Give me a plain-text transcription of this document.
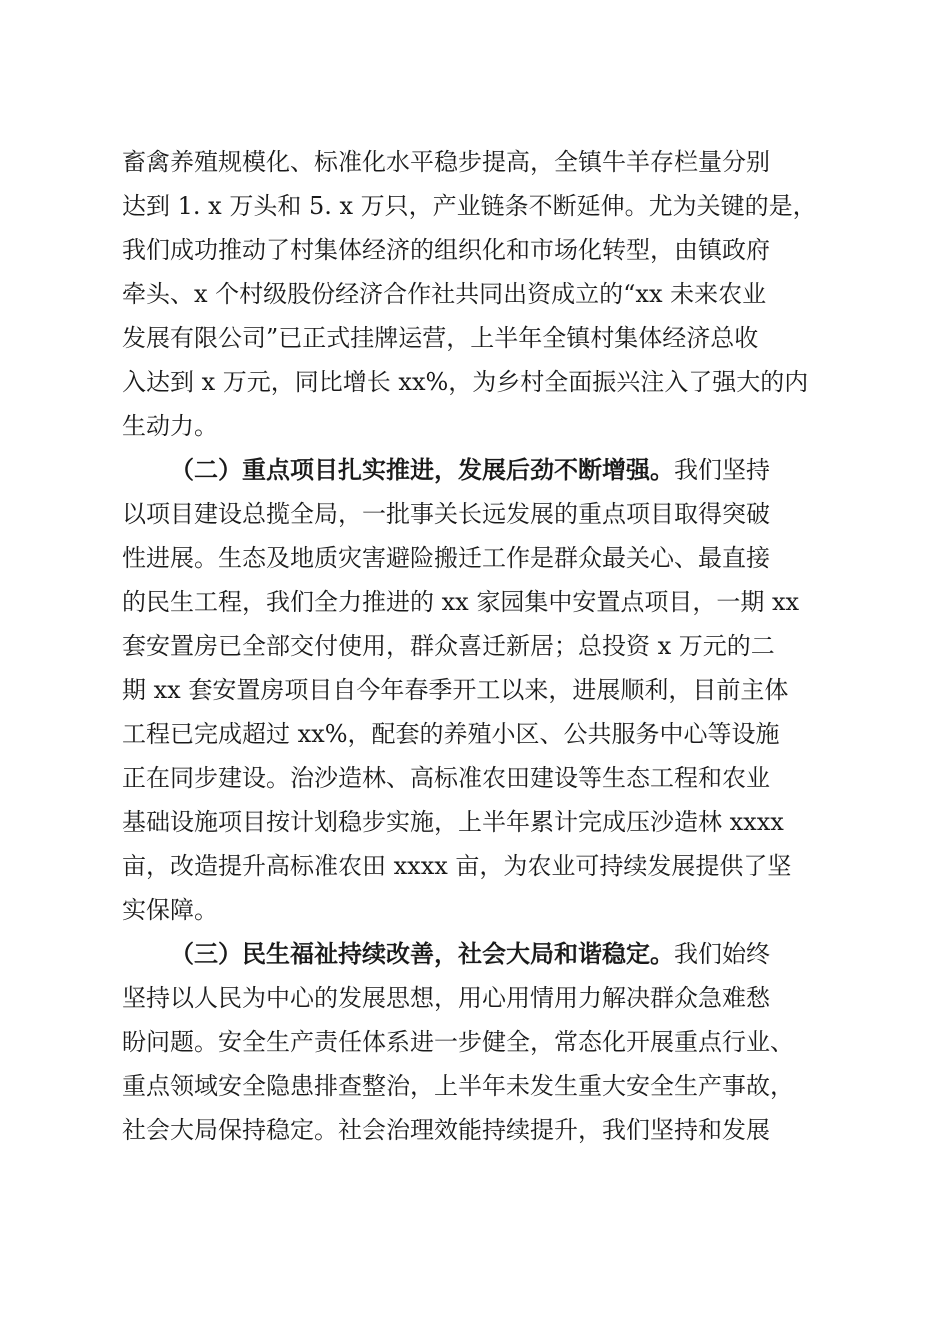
畜禽养殖规模化、标准化水平稳步提高，全镇牛羊存栏量分别
达到 1. x 万头和 5. x 万只，产业链条不断延伸。尤为关键的是，
我们成功推动了村集体经济的组织化和市场化转型，由镇政府
牵头、x 个村级股份经济合作社共同出资成立的“xx 未来农业
发展有限公司”已正式挂牌运营，上半年全镇村集体经济总收
入达到 x 万元，同比增长 xx%，为乡村全面振兴注入了强大的内
生动力。
（二）重点项目扎实推进，发展后劲不断增强。我们坚持
以项目建设总揽全局，一批事关长远发展的重点项目取得突破
性进展。生态及地质灾害避险搬迁工作是群众最关心、最直接
的民生工程，我们全力推进的 xx 家园集中安置点项目，一期 xx
套安置房已全部交付使用，群众喜迁新居；总投资 x 万元的二
期 xx 套安置房项目自今年春季开工以来，进展顺利，目前主体
工程已完成超过 xx%，配套的养殖小区、公共服务中心等设施
正在同步建设。治沙造林、高标准农田建设等生态工程和农业
基础设施项目按计划稳步实施，上半年累计完成压沙造林 xxxx
亩，改造提升高标准农田 xxxx 亩，为农业可持续发展提供了坚
实保障。
（三）民生福祉持续改善，社会大局和谐稳定。我们始终
坚持以人民为中心的发展思想，用心用情用力解决群众急难愁
盼问题。安全生产责任体系进一步健全，常态化开展重点行业、
重点领域安全隐患排查整治，上半年未发生重大安全生产事故，
社会大局保持稳定。社会治理效能持续提升，我们坚持和发展
